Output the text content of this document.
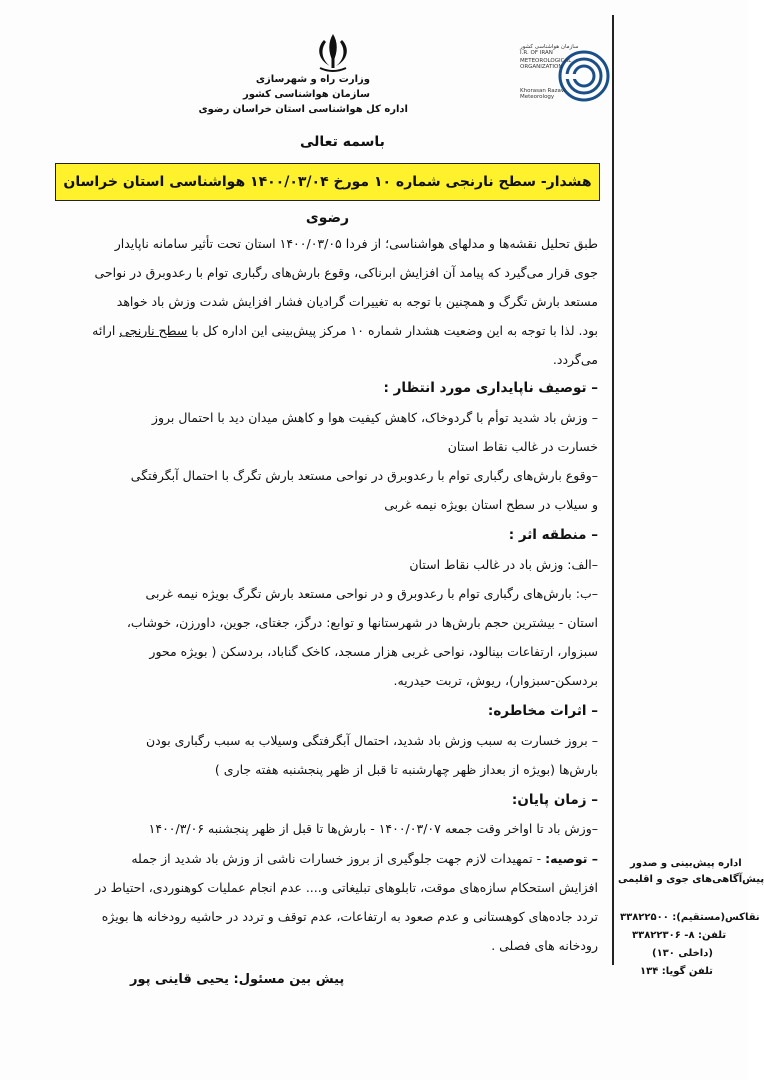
وزارت راه و شهرسازی
سازمان هواشناسی کشور
اداره کل هواشناسی استان خراسان رضوی
سازمان هواشناسی کشور
I.R. OF IRAN
METEOROLOGICAL
ORGANIZATION
Khorasan Razavi
Meteorology
باسمه تعالی
هشدار- سطح نارنجی شماره ۱۰ مورخ ۱۴۰۰/۰۳/۰۴ هواشناسی استان خراسان رضوی
طبق تحلیل نقشه‌ها و مدلهای هواشناسی؛ از فردا ۱۴۰۰/۰۳/۰۵ استان تحت تأثیر سامانه ناپایدار
جوی قرار می‌گیرد که پیامد آن افزایش ابرناکی، وقوع بارش‌های رگباری توام با رعدوبرق در نواحی
مستعد بارش تگرگ و همچنین با توجه به تغییرات گرادیان فشار افزایش شدت وزش باد خواهد
بود. لذا با توجه به این وضعیت هشدار شماره ۱۰ مرکز پیش‌بینی این اداره کل با سطح نارنجی ارائه
می‌گردد.
– توصیف ناپایداری مورد انتظار :
– وزش باد شدید توأم با گردوخاک، کاهش کیفیت هوا و کاهش میدان دید با احتمال بروز
خسارت در غالب نقاط استان
–وقوع بارش‌های رگباری توام با رعدوبرق در نواحی مستعد بارش تگرگ با احتمال آبگرفتگی
و سیلاب در سطح استان بویژه نیمه غربی
– منطقه اثر :
–الف: وزش باد در غالب نقاط استان
–ب: بارش‌های رگباری توام با رعدوبرق و در نواحی مستعد بارش تگرگ بویژه نیمه غربی
استان - بیشترین حجم بارش‌ها در شهرستانها و توابع: درگز، جغتای، جوین، داورزن، خوشاب،
سبزوار، ارتفاعات بینالود، نواحی غربی هزار مسجد، کاخک گناباد، بردسکن ( بویژه محور
بردسکن-سبزوار)، ریوش، تربت حیدریه.
– اثرات مخاطره:
– بروز خسارت به سبب وزش باد شدید، احتمال آبگرفتگی وسیلاب به سبب رگباری بودن
بارش‌ها (بویژه از بعداز ظهر چهارشنبه تا قبل از ظهر پنجشنبه هفته جاری )
– زمان پایان:
–وزش باد تا اواخر وقت جمعه ۱۴۰۰/۰۳/۰۷ - بارش‌ها تا قبل از ظهر پنجشنبه ۱۴۰۰/۳/۰۶
– توصیه: - تمهیدات لازم جهت جلوگیری از بروز خسارات ناشی از وزش باد شدید از جمله
افزایش استحکام سازه‌های موقت، تابلوهای تبلیغاتی و.... عدم انجام عملیات کوهنوردی، احتیاط در
تردد جاده‌های کوهستانی و عدم صعود به ارتفاعات، عدم توقف و تردد در حاشیه رودخانه ها بویژه
رودخانه های فصلی .
پیش بین مسئول: یحیی قاینی پور
اداره پیش‌بینی و صدور
پیش‌آگاهی‌های جوی و اقلیمی
نقاکس(مستقیم): ۳۳۸۲۲۵۰۰
تلفن: ۸- ۳۳۸۲۲۳۰۶
(داخلی ۱۳۰)
تلفن گویا: ۱۳۴
